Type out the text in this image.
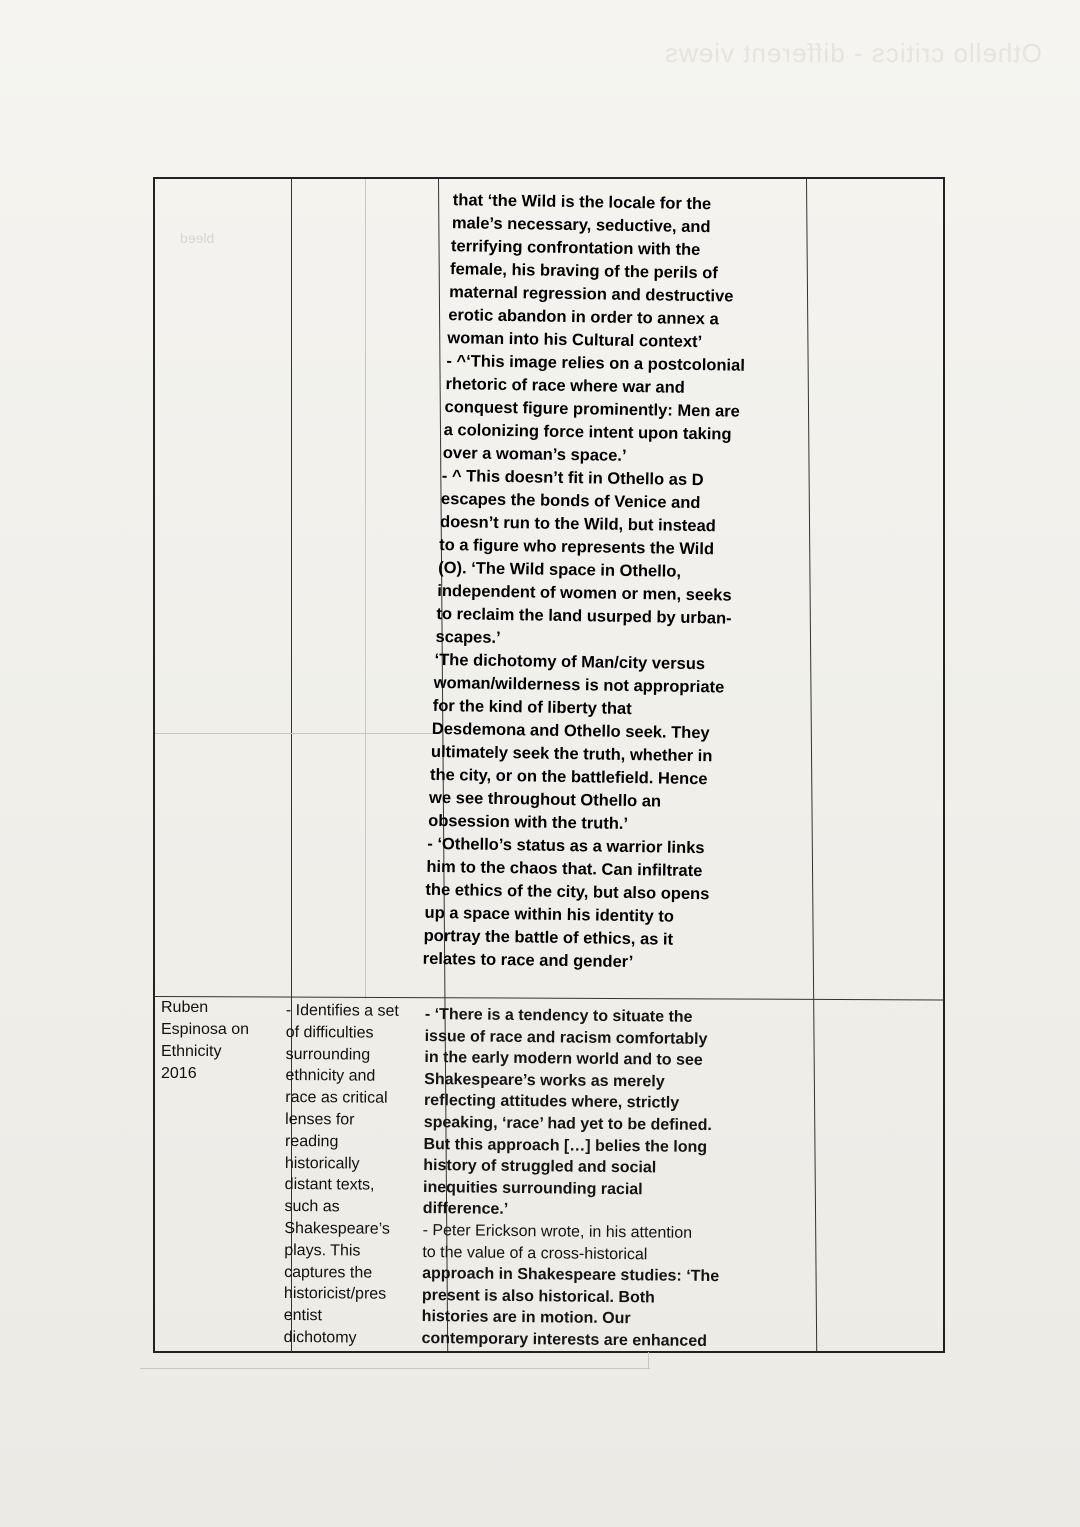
Othello critics - different views
bleed
that ‘the Wild is the locale for the
male’s necessary, seductive, and
terrifying confrontation with the
female, his braving of the perils of
maternal regression and destructive
erotic abandon in order to annex a
woman into his Cultural context’
- ^‘This image relies on a postcolonial
rhetoric of race where war and
conquest figure prominently: Men are
a colonizing force intent upon taking
over a woman’s space.’
- ^ This doesn’t fit in Othello as D
escapes the bonds of Venice and
doesn’t run to the Wild, but instead
to a figure who represents the Wild
(O). ‘The Wild space in Othello,
independent of women or men, seeks
to reclaim the land usurped by urban-
scapes.’
‘The dichotomy of Man/city versus
woman/wilderness is not appropriate
for the kind of liberty that
Desdemona and Othello seek. They
ultimately seek the truth, whether in
the city, or on the battlefield. Hence
we see throughout Othello an
obsession with the truth.’
- ‘Othello’s status as a warrior links
him to the chaos that. Can infiltrate
the ethics of the city, but also opens
up a space within his identity to
portray the battle of ethics, as it
relates to race and gender’
Ruben
Espinosa on
Ethnicity
2016
- Identifies a set
of difficulties
surrounding
ethnicity and
race as critical
lenses for
reading
historically
distant texts,
such as
Shakespeare’s
plays. This
captures the
historicist/pres
entist
dichotomy
- ‘There is a tendency to situate the
issue of race and racism comfortably
in the early modern world and to see
Shakespeare’s works as merely
reflecting attitudes where, strictly
speaking, ‘race’ had yet to be defined.
But this approach […] belies the long
history of struggled and social
inequities surrounding racial
difference.’
- Peter Erickson wrote, in his attention
to the value of a cross-historical
approach in Shakespeare studies: ‘The
present is also historical. Both
histories are in motion. Our
contemporary interests are enhanced
